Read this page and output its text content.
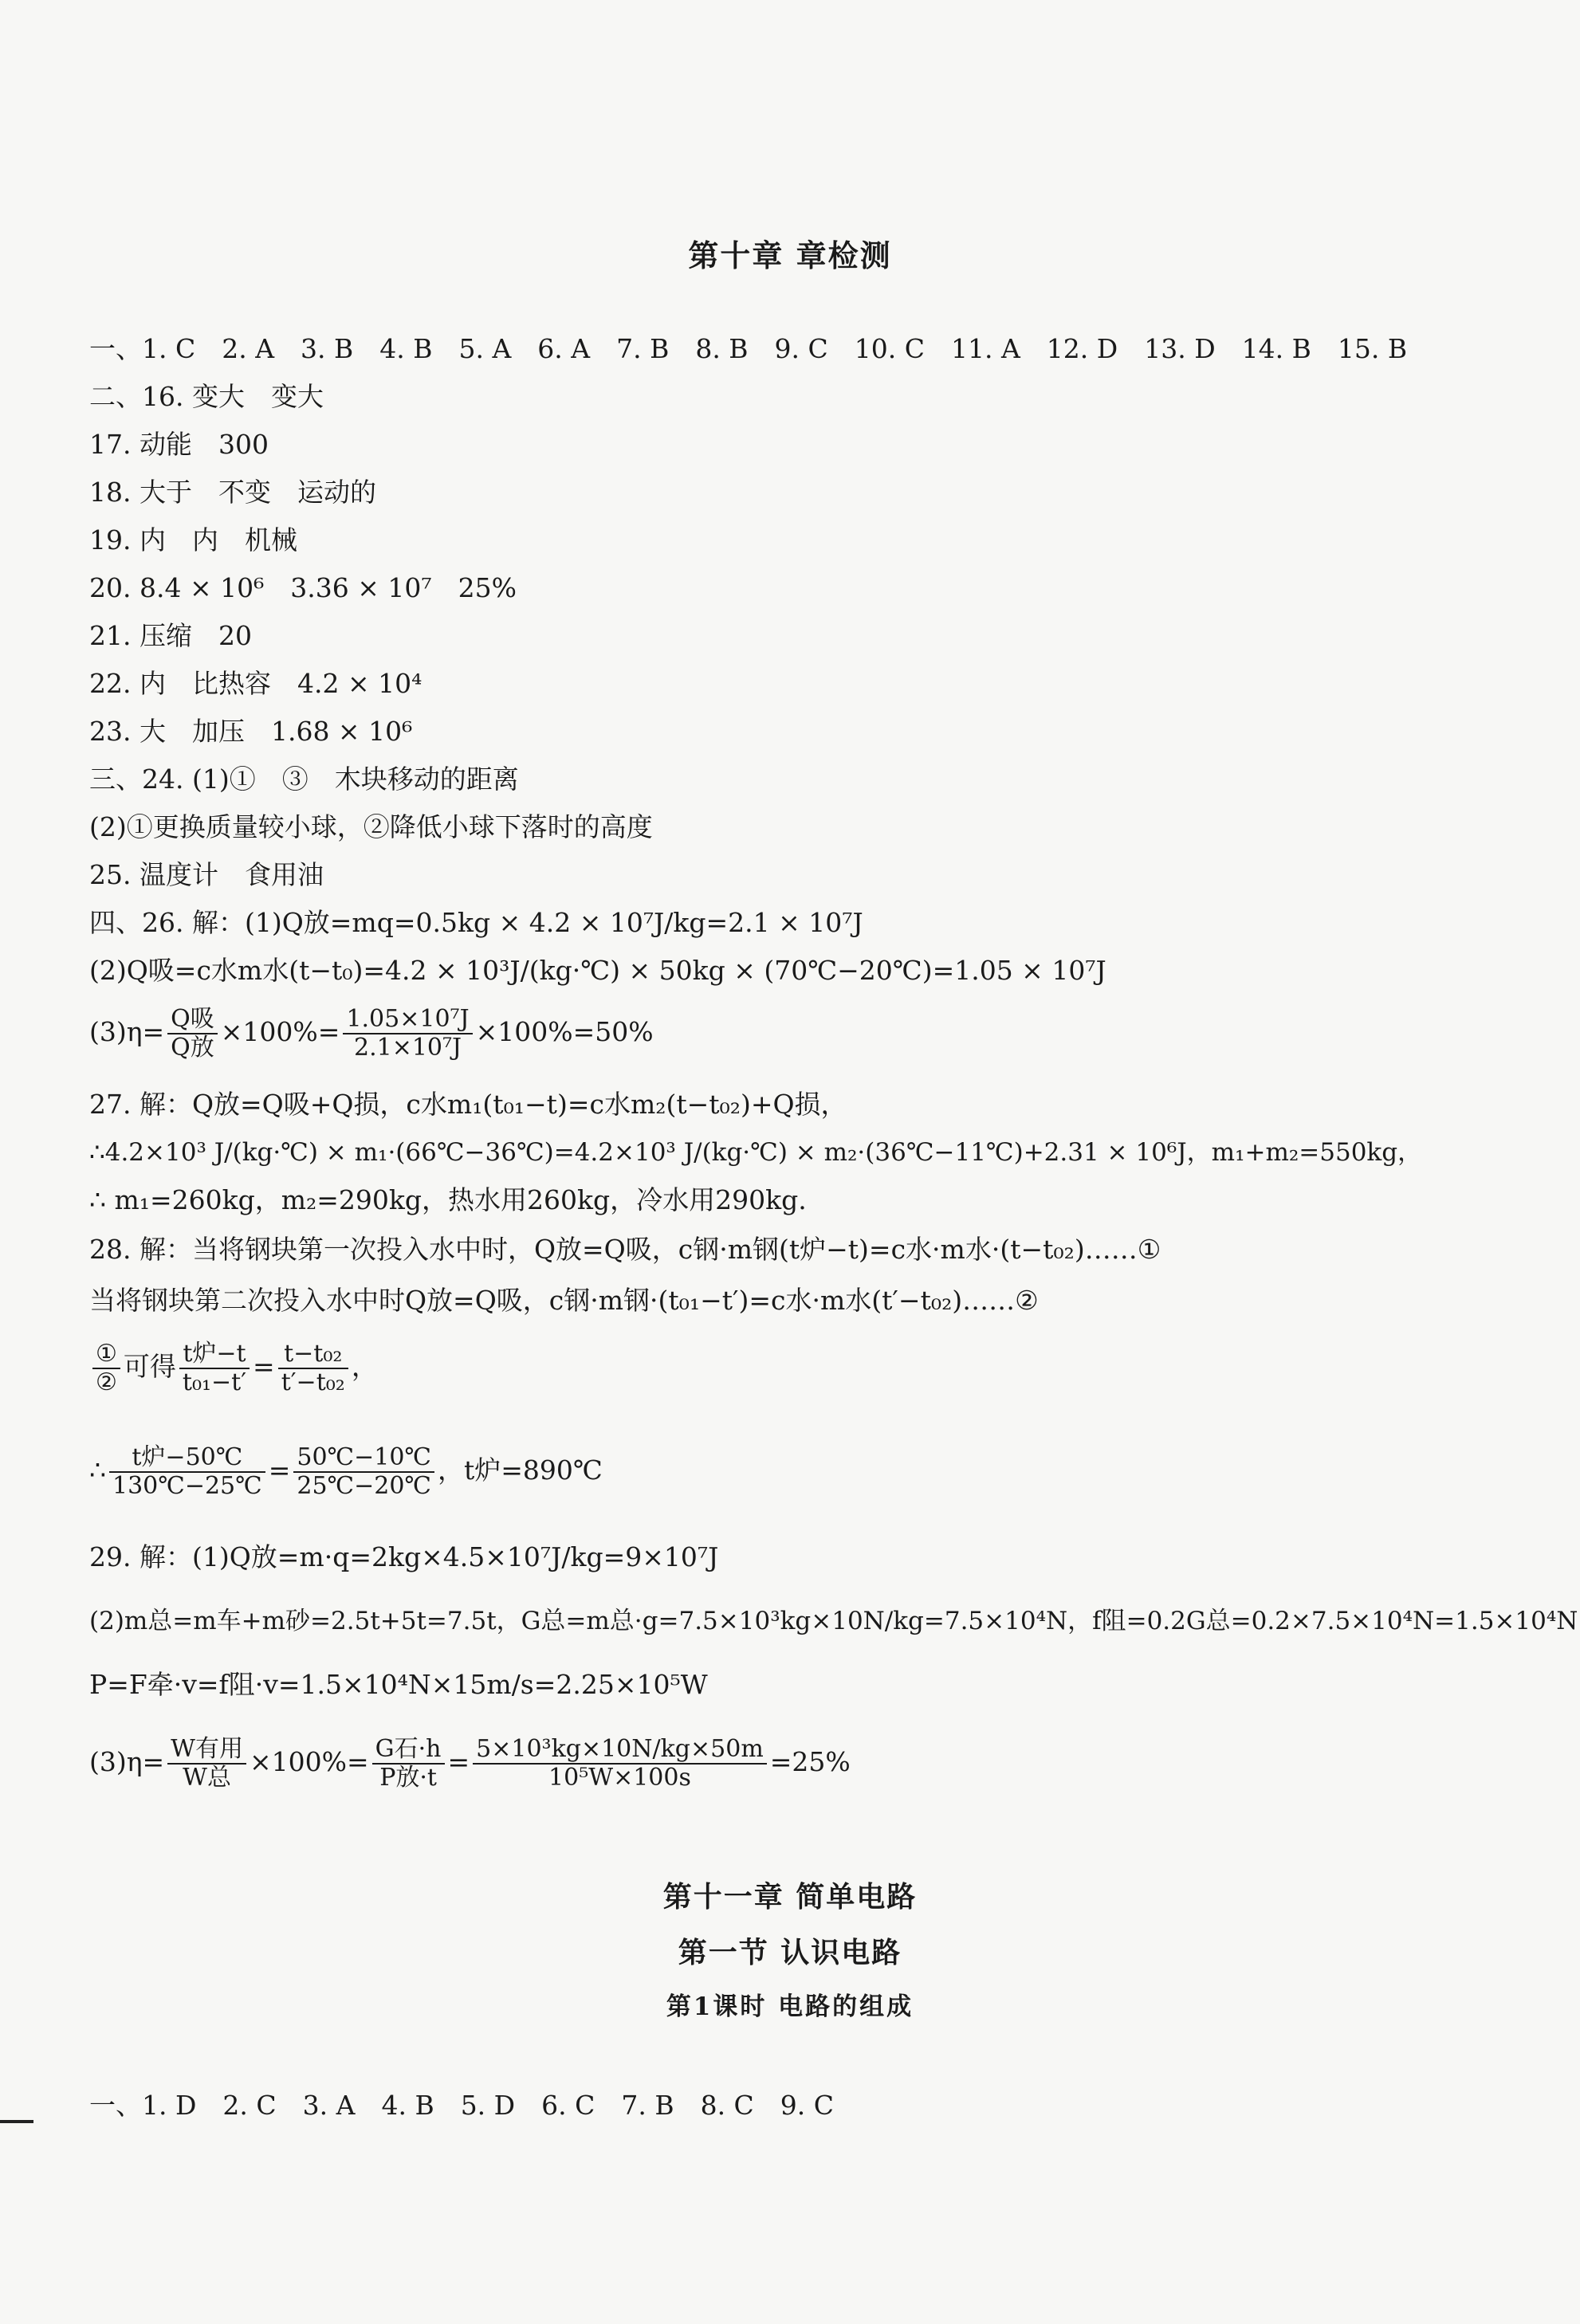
第十章 章检测
一、1. C　2. A　3. B　4. B　5. A　6. A　7. B　8. B　9. C　10. C　11. A　12. D　13. D　14. B　15. B
二、16. 变大　变大
17. 动能　300
18. 大于　不变　运动的
19. 内　内　机械
20. 8.4 × 10⁶　3.36 × 10⁷　25%
21. 压缩　20
22. 内　比热容　4.2 × 10⁴
23. 大　加压　1.68 × 10⁶
三、24. (1)①　③　木块移动的距离
(2)①更换质量较小球，②降低小球下落时的高度
25. 温度计　食用油
四、26. 解：(1)Q放=mq=0.5kg × 4.2 × 10⁷J/kg=2.1 × 10⁷J
(2)Q吸=c水m水(t−t₀)=4.2 × 10³J/(kg·℃) × 50kg × (70℃−20℃)=1.05 × 10⁷J
$(3)\eta= \frac{\text{Q吸}}{\text{Q放}} \times 100\%= \frac{\text{1.05×10⁷J}}{\text{2.1×10⁷J}} \times 100\%=50\%$
27. 解：Q放=Q吸+Q损，c水m₁(t₀₁−t)=c水m₂(t−t₀₂)+Q损，
∴4.2×10³ J/(kg·℃) × m₁·(66℃−36℃)=4.2×10³ J/(kg·℃) × m₂·(36℃−11℃)+2.31 × 10⁶J，m₁+m₂=550kg，
∴ m₁=260kg，m₂=290kg，热水用260kg，冷水用290kg.
28. 解：当将钢块第一次投入水中时，Q放=Q吸，c钢·m钢(t炉−t)=c水·m水·(t−t₀₂)……①
当将钢块第二次投入水中时Q放=Q吸，c钢·m钢·(t₀₁−t′)=c水·m水(t′−t₀₂)……②
$\frac{\text{①}}{\text{②}}$ 可得 $\frac{\text{t炉−t}}{\text{t₀₁−t′}} = \frac{\text{t−t₀₂}}{\text{t′−t₀₂}}$ ，
∴ $\frac{\text{t炉−50℃}}{130℃-25℃} = \frac{50℃-10℃}{25℃-20℃}$ ，t炉=890℃
29. 解：(1)Q放=m·q=2kg×4.5×10⁷J/kg=9×10⁷J
(2)m总=m车+m砂=2.5t+5t=7.5t，G总=m总·g=7.5×10³kg×10N/kg=7.5×10⁴N，f阻=0.2G总=0.2×7.5×10⁴N=1.5×10⁴N
P=F牵·v=f阻·v=1.5×10⁴N×15m/s=2.25×10⁵W
$(3)\eta= \frac{\text{W有用}}{\text{W总}} \times 100\%= \frac{\text{G石·h}}{\text{P放·t}} = \frac{\text{5×10³kg×10N/kg×50m}}{\text{10⁵W×100s}} =25\%$
第十一章 简单电路
第一节 认识电路
第1课时 电路的组成
一、1. D　2. C　3. A　4. B　5. D　6. C　7. B　8. C　9. C
